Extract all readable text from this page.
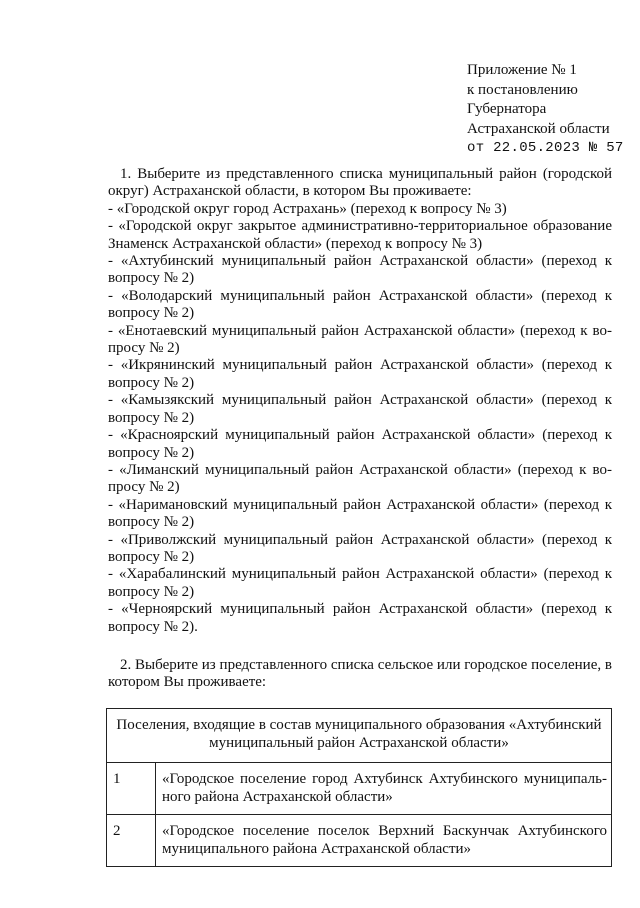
Приложение № 1
к постановлению
Губернатора
Астраханской области
от 22.05.2023 № 57

1. Выберите из представленного списка муниципальный район (городской округ) Астраханской области, в котором Вы проживаете:

- «Городской округ город Астрахань» (переход к вопросу № 3)

- «Городской округ закрытое административно-территориальное образование Знаменск Астраханской области» (переход к вопросу № 3)

- «Ахтубинский муниципальный район Астраханской области» (переход к вопросу № 2)

- «Володарский муниципальный район Астраханской области» (переход к вопросу № 2)

- «Енотаевский муниципальный район Астраханской области» (переход к во-просу № 2)

- «Икрянинский муниципальный район Астраханской области» (переход к вопросу № 2)

- «Камызякский муниципальный район Астраханской области» (переход к вопросу № 2)

- «Красноярский муниципальный район Астраханской области» (переход к вопросу № 2)

- «Лиманский муниципальный район Астраханской области» (переход к во-просу № 2)

- «Наримановский муниципальный район Астраханской области» (переход к вопросу № 2)

- «Приволжский муниципальный район Астраханской области» (переход к вопросу № 2)

- «Харабалинский муниципальный район Астраханской области» (переход к вопросу № 2)

- «Черноярский муниципальный район Астраханской области» (переход к вопросу № 2).

2. Выберите из представленного списка сельское или городское поселение, в котором Вы проживаете:

Поселения, входящие в состав муниципального образования «Ахтубинский муниципальный район Астраханской области»	
1	«Городское поселение город Ахтубинск Ахтубинского муниципаль-ного района Астраханской области»
2	«Городское поселение поселок Верхний Баскунчак Ахтубинского муниципального района Астраханской области»
